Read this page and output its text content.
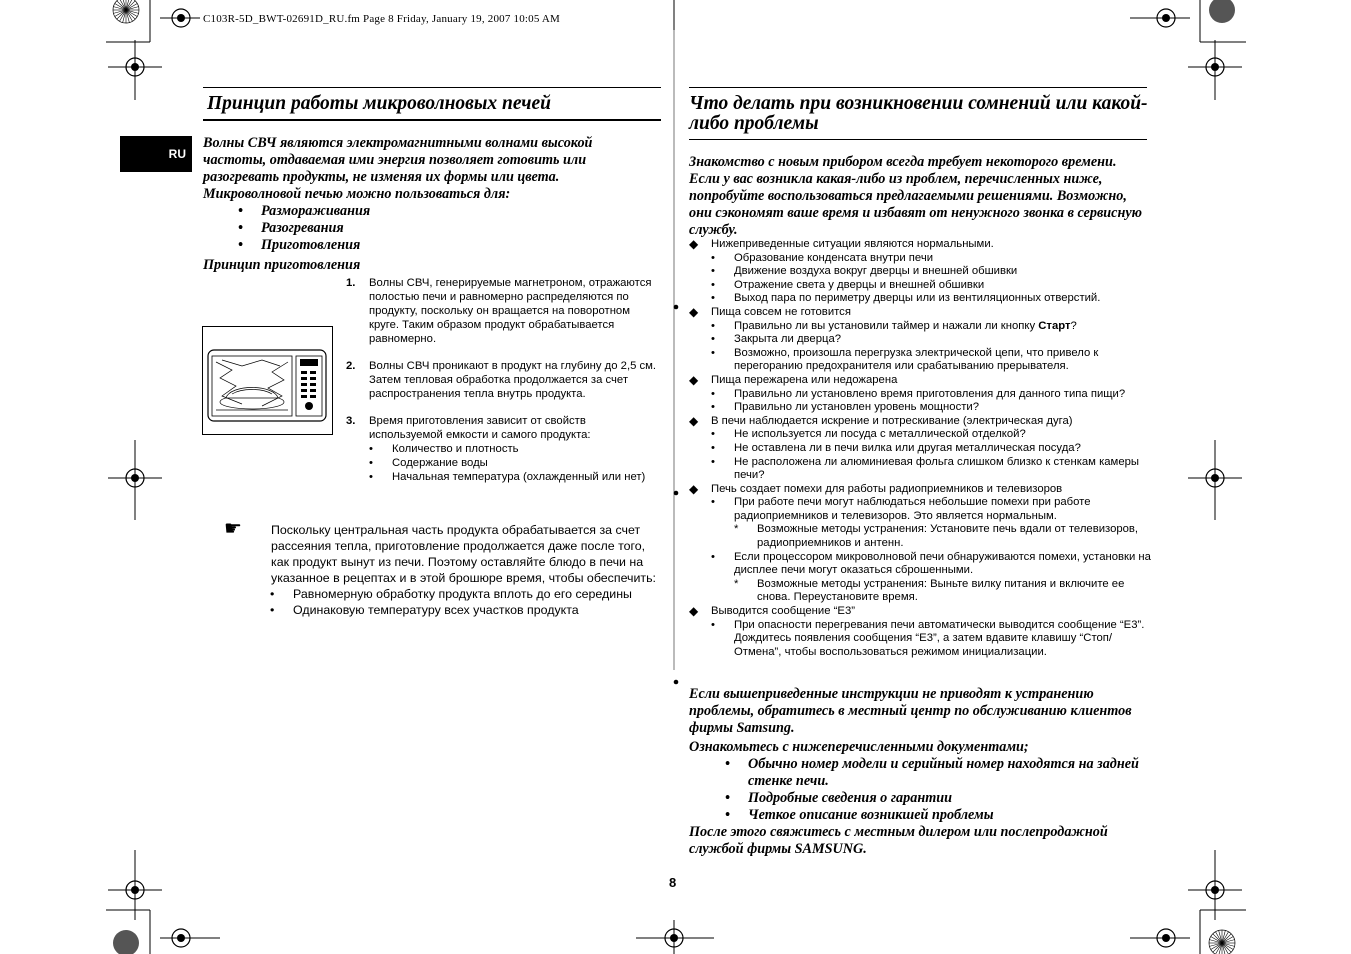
C103R-5D_BWT-02691D_RU.fm Page 8 Friday, January 19, 2007 10:05 AM
RU
Принцип работы микроволновых печей
Волны СВЧ являются электромагнитными волнами высокой частоты, отдаваемая ими энергия позволяет готовить или разогревать продукты, не изменяя их формы или цвета.
Микроволновой печью можно пользоваться для:
• Размораживания
• Разогревания
• Приготовления
Принцип приготовления
1. Волны СВЧ, генерируемые магнетроном, отражаются полостью печи и равномерно распределяются по продукту, поскольку он вращается на поворотном круге. Таким образом продукт обрабатывается равномерно.
2. Волны СВЧ проникают в продукт на глубину до 2,5 см. Затем тепловая обработка продолжается за счет распространения тепла внутрь продукта.
3. Время приготовления зависит от свойств используемой емкости и самого продукта:
• Количество и плотность
• Содержание воды
• Начальная температура (охлажденный или нет)
☛ Поскольку центральная часть продукта обрабатывается за счет рассеяния тепла, приготовление продолжается даже после того, как продукт вынут из печи. Поэтому оставляйте блюдо в печи на указанное в рецептах и в этой брошюре время, чтобы обеспечить:
• Равномерную обработку продукта вплоть до его середины
• Одинаковую температуру всех участков продукта
Что делать при возникновении сомнений или какой-либо проблемы
Знакомство с новым прибором всегда требует некоторого времени. Если у вас возникла какая-либо из проблем, перечисленных ниже, попробуйте воспользоваться предлагаемыми решениями. Возможно, они сэкономят ваше время и избавят от ненужного звонка в сервисную службу.
◆ Нижеприведенные ситуации являются нормальными.
• Образование конденсата внутри печи
• Движение воздуха вокруг дверцы и внешней обшивки
• Отражение света у дверцы и внешней обшивки
• Выход пара по периметру дверцы или из вентиляционных отверстий.
◆ Пища совсем не готовится
• Правильно ли вы установили таймер и нажали ли кнопку Старт?
• Закрыта ли дверца?
• Возможно, произошла перегрузка электрической цепи, что привело к перегоранию предохранителя или срабатыванию прерывателя.
◆ Пища пережарена или недожарена
• Правильно ли установлено время приготовления для данного типа пищи?
• Правильно ли установлен уровень мощности?
◆ В печи наблюдается искрение и потрескивание (электрическая дуга)
• Не используется ли посуда с металлической отделкой?
• Не оставлена ли в печи вилка или другая металлическая посуда?
• Не расположена ли алюминиевая фольга слишком близко к стенкам камеры печи?
◆ Печь создает помехи для работы радиоприемников и телевизоров
• При работе печи могут наблюдаться небольшие помехи при работе радиоприемников и телевизоров. Это является нормальным.
* Возможные методы устранения: Установите печь вдали от телевизоров, радиоприемников и антенн.
• Если процессором микроволновой печи обнаруживаются помехи, установки на дисплее печи могут оказаться сброшенными.
* Возможные методы устранения: Выньте вилку питания и включите ее снова. Переустановите время.
◆ Выводится сообщение “E3”
• При опасности перегревания печи автоматически выводится сообщение “E3”. Дождитесь появления сообщения “E3”, а затем вдавите клавишу “Стоп/Отмена”, чтобы воспользоваться режимом инициализации.
Если вышеприведенные инструкции не приводят к устранению проблемы, обратитесь в местный центр по обслуживанию клиентов фирмы Samsung.
Ознакомьтесь с нижеперечисленными документами;
• Обычно номер модели и серийный номер находятся на задней стенке печи.
• Подробные сведения о гарантии
• Четкое описание возникшей проблемы
После этого свяжитесь с местным дилером или послепродажной службой фирмы SAMSUNG.
8
